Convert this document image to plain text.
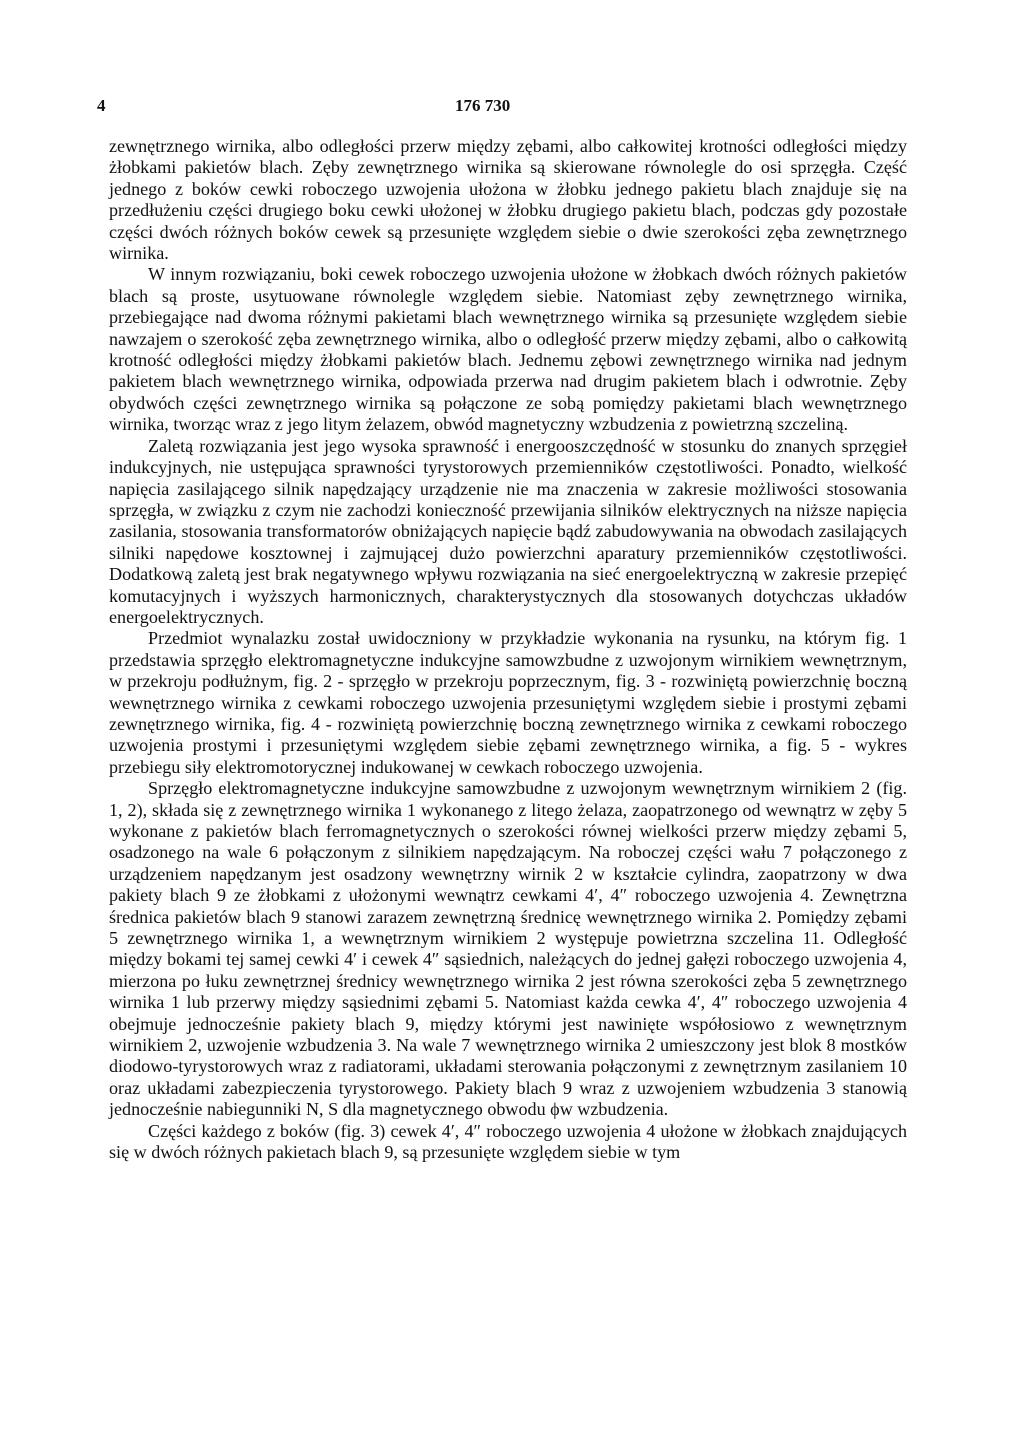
4	176 730

zewnętrznego wirnika, albo odległości przerw między zębami, albo całkowitej krotności odległości między żłobkami pakietów blach. Zęby zewnętrznego wirnika są skierowane równolegle do osi sprzęgła. Część jednego z boków cewki roboczego uzwojenia ułożona w żłobku jednego pakietu blach znajduje się na przedłużeniu części drugiego boku cewki ułożonej w żłobku drugiego pakietu blach, podczas gdy pozostałe części dwóch różnych boków cewek są przesunięte względem siebie o dwie szerokości zęba zewnętrznego wirnika.

W innym rozwiązaniu, boki cewek roboczego uzwojenia ułożone w żłobkach dwóch różnych pakietów blach są proste, usytuowane równolegle względem siebie. Natomiast zęby zewnętrznego wirnika, przebiegające nad dwoma różnymi pakietami blach wewnętrznego wirnika są przesunięte względem siebie nawzajem o szerokość zęba zewnętrznego wirnika, albo o odległość przerw między zębami, albo o całkowitą krotność odległości między żłobkami pakietów blach. Jednemu zębowi zewnętrznego wirnika nad jednym pakietem blach wewnętrznego wirnika, odpowiada przerwa nad drugim pakietem blach i odwrotnie. Zęby obydwóch części zewnętrznego wirnika są połączone ze sobą pomiędzy pakietami blach wewnętrznego wirnika, tworząc wraz z jego litym żelazem, obwód magnetyczny wzbudzenia z powietrzną szczeliną.

Zaletą rozwiązania jest jego wysoka sprawność i energooszczędność w stosunku do znanych sprzęgieł indukcyjnych, nie ustępująca sprawności tyrystorowych przemienników częstotliwości. Ponadto, wielkość napięcia zasilającego silnik napędzający urządzenie nie ma znaczenia w zakresie możliwości stosowania sprzęgła, w związku z czym nie zachodzi konieczność przewijania silników elektrycznych na niższe napięcia zasilania, stosowania transformatorów obniżających napięcie bądź zabudowywania na obwodach zasilających silniki napędowe kosztownej i zajmującej dużo powierzchni aparatury przemienników częstotliwości. Dodatkową zaletą jest brak negatywnego wpływu rozwiązania na sieć energoelektryczną w zakresie przepięć komutacyjnych i wyższych harmonicznych, charakterystycznych dla stosowanych dotychczas układów energoelektrycznych.

Przedmiot wynalazku został uwidoczniony w przykładzie wykonania na rysunku, na którym fig. 1 przedstawia sprzęgło elektromagnetyczne indukcyjne samowzbudne z uzwojonym wirnikiem wewnętrznym, w przekroju podłużnym, fig. 2 - sprzęgło w przekroju poprzecznym, fig. 3 - rozwiniętą powierzchnię boczną wewnętrznego wirnika z cewkami roboczego uzwojenia przesuniętymi względem siebie i prostymi zębami zewnętrznego wirnika, fig. 4 - rozwiniętą powierzchnię boczną zewnętrznego wirnika z cewkami roboczego uzwojenia prostymi i przesuniętymi względem siebie zębami zewnętrznego wirnika, a fig. 5 - wykres przebiegu siły elektromotorycznej indukowanej w cewkach roboczego uzwojenia.

Sprzęgło elektromagnetyczne indukcyjne samowzbudne z uzwojonym wewnętrznym wirnikiem 2 (fig. 1, 2), składa się z zewnętrznego wirnika 1 wykonanego z litego żelaza, zaopatrzonego od wewnątrz w zęby 5 wykonane z pakietów blach ferromagnetycznych o szerokości równej wielkości przerw między zębami 5, osadzonego na wale 6 połączonym z silnikiem napędzającym. Na roboczej części wału 7 połączonego z urządzeniem napędzanym jest osadzony wewnętrzny wirnik 2 w kształcie cylindra, zaopatrzony w dwa pakiety blach 9 ze żłobkami z ułożonymi wewnątrz cewkami 4′, 4″ roboczego uzwojenia 4. Zewnętrzna średnica pakietów blach 9 stanowi zarazem zewnętrzną średnicę wewnętrznego wirnika 2. Pomiędzy zębami 5 zewnętrznego wirnika 1, a wewnętrznym wirnikiem 2 występuje powietrzna szczelina 11. Odległość między bokami tej samej cewki 4′ i cewek 4″ sąsiednich, należących do jednej gałęzi roboczego uzwojenia 4, mierzona po łuku zewnętrznej średnicy wewnętrznego wirnika 2 jest równa szerokości zęba 5 zewnętrznego wirnika 1 lub przerwy między sąsiednimi zębami 5. Natomiast każda cewka 4′, 4″ roboczego uzwojenia 4 obejmuje jednocześnie pakiety blach 9, między którymi jest nawinięte współosiowo z wewnętrznym wirnikiem 2, uzwojenie wzbudzenia 3. Na wale 7 wewnętrznego wirnika 2 umieszczony jest blok 8 mostków diodowo-tyrystorowych wraz z radiatorami, układami sterowania połączonymi z zewnętrznym zasilaniem 10 oraz układami zabezpieczenia tyrystorowego. Pakiety blach 9 wraz z uzwojeniem wzbudzenia 3 stanowią jednocześnie nabiegunniki N, S dla magnetycznego obwodu ϕw wzbudzenia.

Części każdego z boków (fig. 3) cewek 4′, 4″ roboczego uzwojenia 4 ułożone w żłobkach znajdujących się w dwóch różnych pakietach blach 9, są przesunięte względem siebie w tym
